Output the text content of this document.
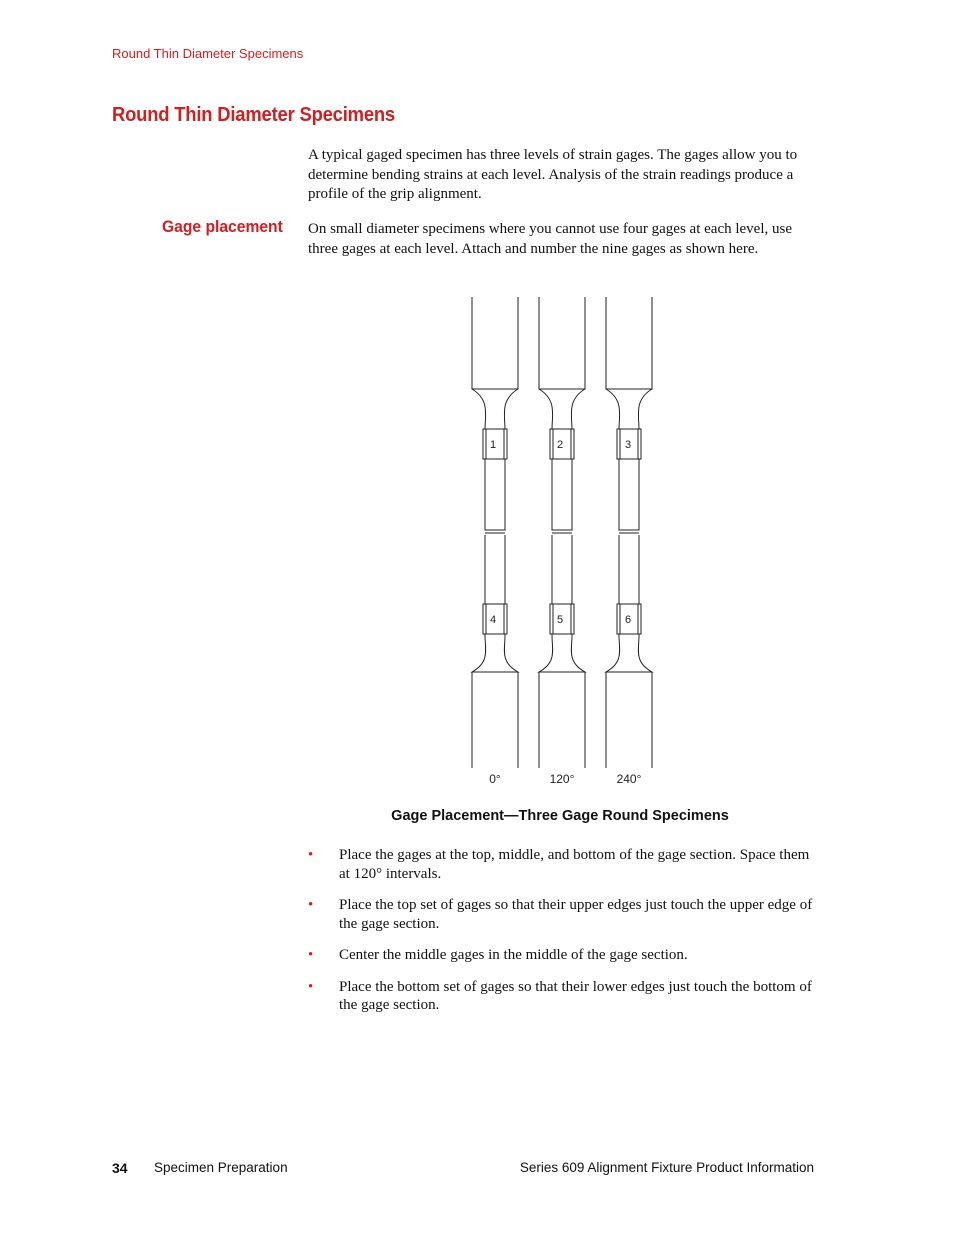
Round Thin Diameter Specimens
Round Thin Diameter Specimens

A typical gaged specimen has three levels of strain gages. The gages allow you to determine bending strains at each level. Analysis of the strain readings produce a profile of the grip alignment.

Gage placement On small diameter specimens where you cannot use four gages at each level, use three gages at each level. Attach and number the nine gages as shown here.

1	2	3
4	5	6
0°	120°	240°
Gage Placement—Three Gage Round Specimens
• Place the gages at the top, middle, and bottom of the gage section. Space them at 120° intervals.
• Place the top set of gages so that their upper edges just touch the upper edge of the gage section.
• Center the middle gages in the middle of the gage section.
• Place the bottom set of gages so that their lower edges just touch the bottom of the gage section.
34 Specimen Preparation	Series 609 Alignment Fixture Product Information
